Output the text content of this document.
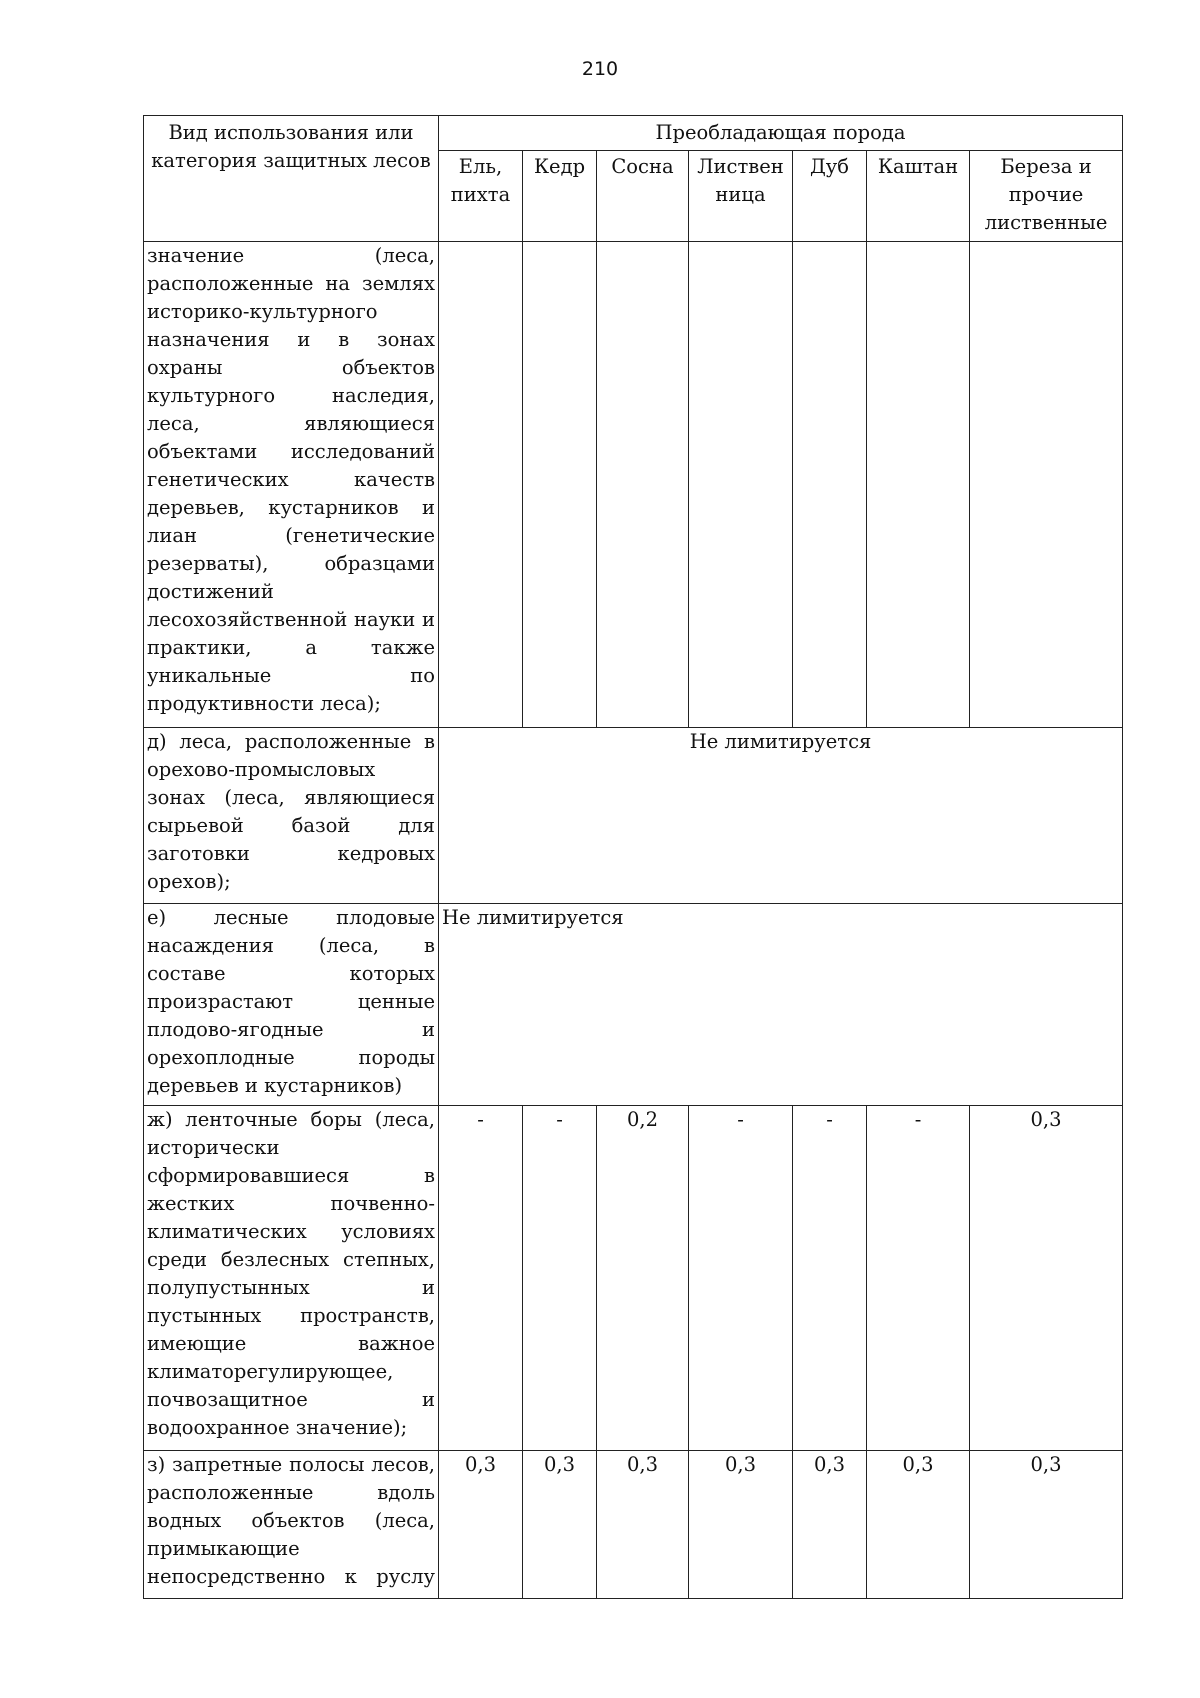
210
Вид использования или категория защитных лесов	Преобладающая порода						
	Ель, пихта	Кедр	Сосна	Листвен ница	Дуб	Каштан	Береза и прочие лиственные
значение (леса, расположенные на землях историко-культурного назначения и в зонах охраны объектов культурного наследия, леса, являющиеся объектами исследований генетических качеств деревьев, кустарников и лиан (генетические резерваты), образцами достижений лесохозяйственной науки и практики, а также уникальные по продуктивности леса);							
д) леса, расположенные в орехово-промысловых зонах (леса, являющиеся сырьевой базой для заготовки кедровых орехов);	Не лимитируется						
е) лесные плодовые насаждения (леса, в составе которых произрастают ценные плодово-ягодные и орехоплодные породы деревьев и кустарников)	Не лимитируется						
ж) ленточные боры (леса, исторически сформировавшиеся в жестких почвенно-климатических условиях среди безлесных степных, полупустынных и пустынных пространств, имеющие важное климаторегулирующее, почвозащитное и водоохранное значение);	-	-	0,2	-	-	-	0,3
з) запретные полосы лесов, расположенные вдоль водных объектов (леса, примыкающие непосредственно к руслу	0,3	0,3	0,3	0,3	0,3	0,3	0,3
